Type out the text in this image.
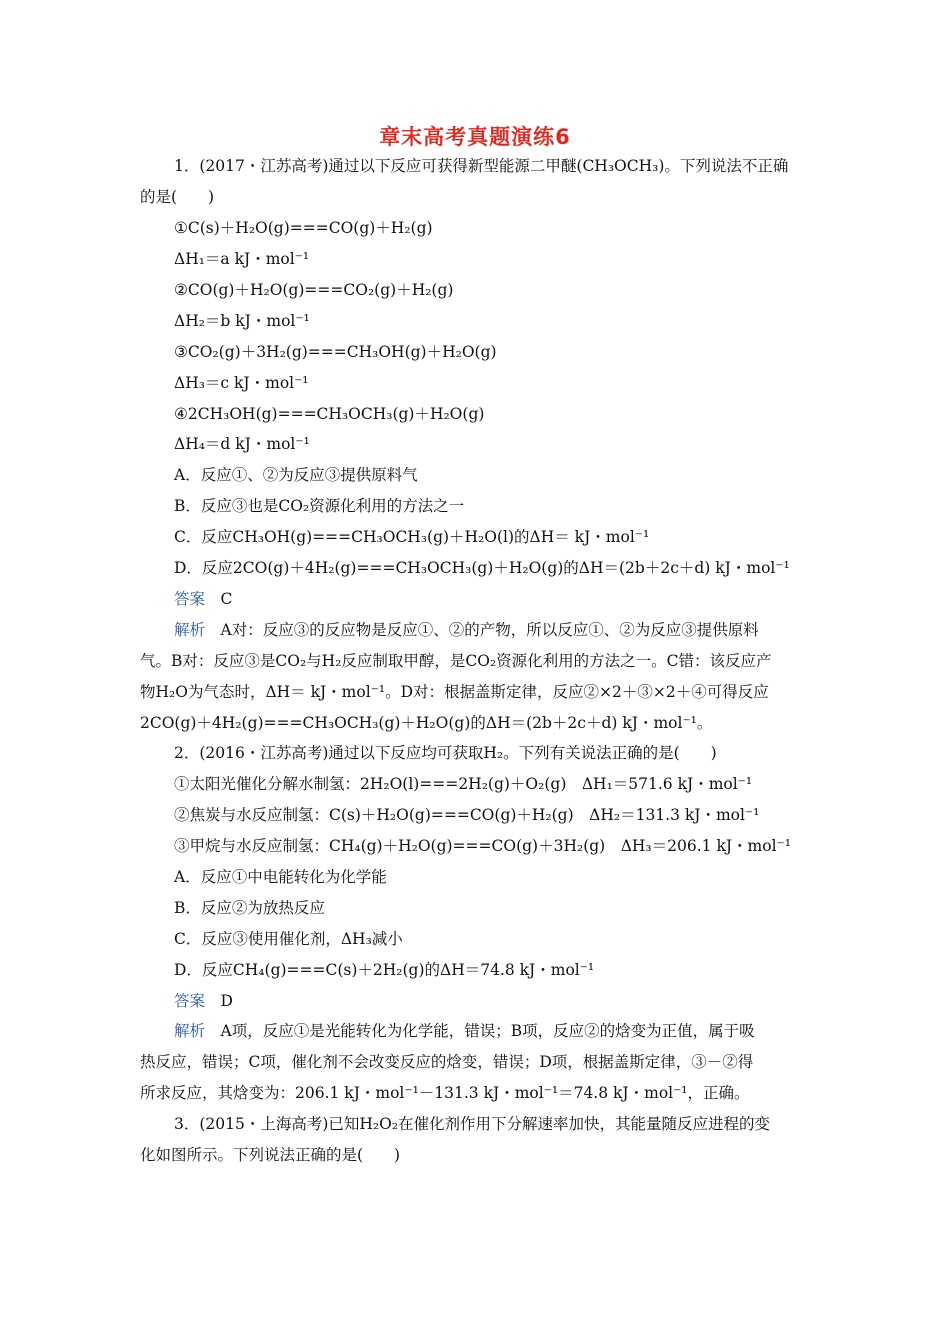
章末高考真题演练6
1．(2017・江苏高考)通过以下反应可获得新型能源二甲醚(CH₃OCH₃)。下列说法不正确
的是(　　)
①C(s)＋H₂O(g)===CO(g)＋H₂(g)
ΔH₁＝a kJ・mol⁻¹
②CO(g)＋H₂O(g)===CO₂(g)＋H₂(g)
ΔH₂＝b kJ・mol⁻¹
③CO₂(g)＋3H₂(g)===CH₃OH(g)＋H₂O(g)
ΔH₃＝c kJ・mol⁻¹
④2CH₃OH(g)===CH₃OCH₃(g)＋H₂O(g)
ΔH₄＝d kJ・mol⁻¹
A．反应①、②为反应③提供原料气
B．反应③也是CO₂资源化利用的方法之一
C．反应CH₃OH(g)===CH₃OCH₃(g)＋H₂O(l)的ΔH＝ kJ・mol⁻¹
D．反应2CO(g)＋4H₂(g)===CH₃OCH₃(g)＋H₂O(g)的ΔH＝(2b＋2c＋d) kJ・mol⁻¹
答案　C
解析　A对：反应③的反应物是反应①、②的产物，所以反应①、②为反应③提供原料
气。B对：反应③是CO₂与H₂反应制取甲醇，是CO₂资源化利用的方法之一。C错：该反应产
物H₂O为气态时，ΔH＝ kJ・mol⁻¹。D对：根据盖斯定律，反应②×2＋③×2＋④可得反应
2CO(g)＋4H₂(g)===CH₃OCH₃(g)＋H₂O(g)的ΔH＝(2b＋2c＋d) kJ・mol⁻¹。
2．(2016・江苏高考)通过以下反应均可获取H₂。下列有关说法正确的是(　　)
①太阳光催化分解水制氢：2H₂O(l)===2H₂(g)＋O₂(g)　ΔH₁＝571.6 kJ・mol⁻¹
②焦炭与水反应制氢：C(s)＋H₂O(g)===CO(g)＋H₂(g)　ΔH₂＝131.3 kJ・mol⁻¹
③甲烷与水反应制氢：CH₄(g)＋H₂O(g)===CO(g)＋3H₂(g)　ΔH₃＝206.1 kJ・mol⁻¹
A．反应①中电能转化为化学能
B．反应②为放热反应
C．反应③使用催化剂，ΔH₃减小
D．反应CH₄(g)===C(s)＋2H₂(g)的ΔH＝74.8 kJ・mol⁻¹
答案　D
解析　A项，反应①是光能转化为化学能，错误；B项，反应②的焓变为正值，属于吸
热反应，错误；C项，催化剂不会改变反应的焓变，错误；D项，根据盖斯定律，③－②得
所求反应，其焓变为：206.1 kJ・mol⁻¹－131.3 kJ・mol⁻¹＝74.8 kJ・mol⁻¹，正确。
3．(2015・上海高考)已知H₂O₂在催化剂作用下分解速率加快，其能量随反应进程的变
化如图所示。下列说法正确的是(　　)
